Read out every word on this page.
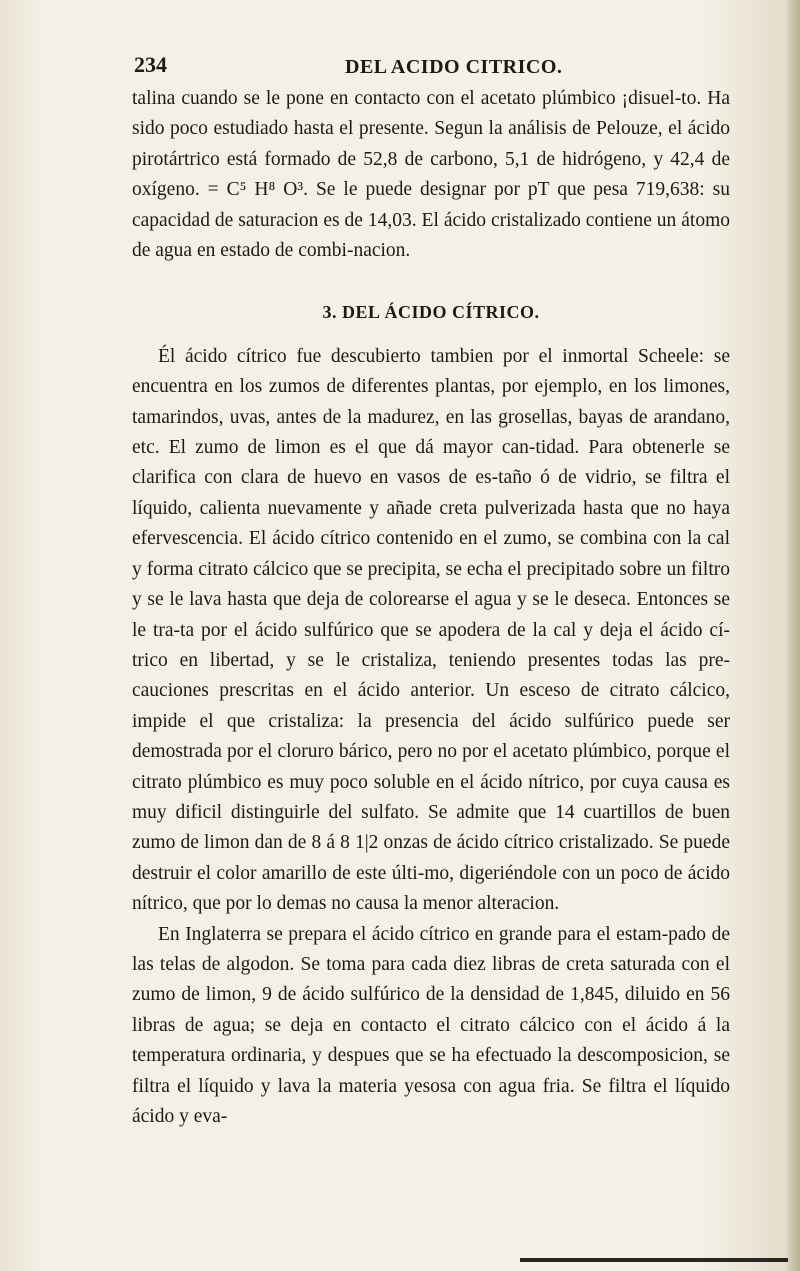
234	DEL ACIDO CITRICO.

talina cuando se le pone en contacto con el acetato plúmbico ¡disuel-to. Ha sido poco estudiado hasta el presente. Segun la análisis de Pelouze, el ácido pirotártrico está formado de 52,8 de carbono, 5,1 de hidrógeno, y 42,4 de oxígeno. = C⁵ H⁸ O³. Se le puede designar por pT que pesa 719,638: su capacidad de saturacion es de 14,03. El ácido cristalizado contiene un átomo de agua en estado de combi-nacion.

3. DEL ÁCIDO CÍTRICO.

Él ácido cítrico fue descubierto tambien por el inmortal Scheele: se encuentra en los zumos de diferentes plantas, por ejemplo, en los limones, tamarindos, uvas, antes de la madurez, en las grosellas, bayas de arandano, etc. El zumo de limon es el que dá mayor can-tidad. Para obtenerle se clarifica con clara de huevo en vasos de es-taño ó de vidrio, se filtra el líquido, calienta nuevamente y añade creta pulverizada hasta que no haya efervescencia. El ácido cítrico contenido en el zumo, se combina con la cal y forma citrato cálcico que se precipita, se echa el precipitado sobre un filtro y se le lava hasta que deja de colorearse el agua y se le deseca. Entonces se le tra-ta por el ácido sulfúrico que se apodera de la cal y deja el ácido cí-trico en libertad, y se le cristaliza, teniendo presentes todas las pre-cauciones prescritas en el ácido anterior. Un esceso de citrato cálcico, impide el que cristaliza: la presencia del ácido sulfúrico puede ser demostrada por el cloruro bárico, pero no por el acetato plúmbico, porque el citrato plúmbico es muy poco soluble en el ácido nítrico, por cuya causa es muy dificil distinguirle del sulfato. Se admite que 14 cuartillos de buen zumo de limon dan de 8 á 8 1|2 onzas de ácido cítrico cristalizado. Se puede destruir el color amarillo de este últi-mo, digeriéndole con un poco de ácido nítrico, que por lo demas no causa la menor alteracion.

En Inglaterra se prepara el ácido cítrico en grande para el estam-pado de las telas de algodon. Se toma para cada diez libras de creta saturada con el zumo de limon, 9 de ácido sulfúrico de la densidad de 1,845, diluido en 56 libras de agua; se deja en contacto el citrato cálcico con el ácido á la temperatura ordinaria, y despues que se ha efectuado la descomposicion, se filtra el líquido y lava la materia yesosa con agua fria. Se filtra el líquido ácido y eva-
